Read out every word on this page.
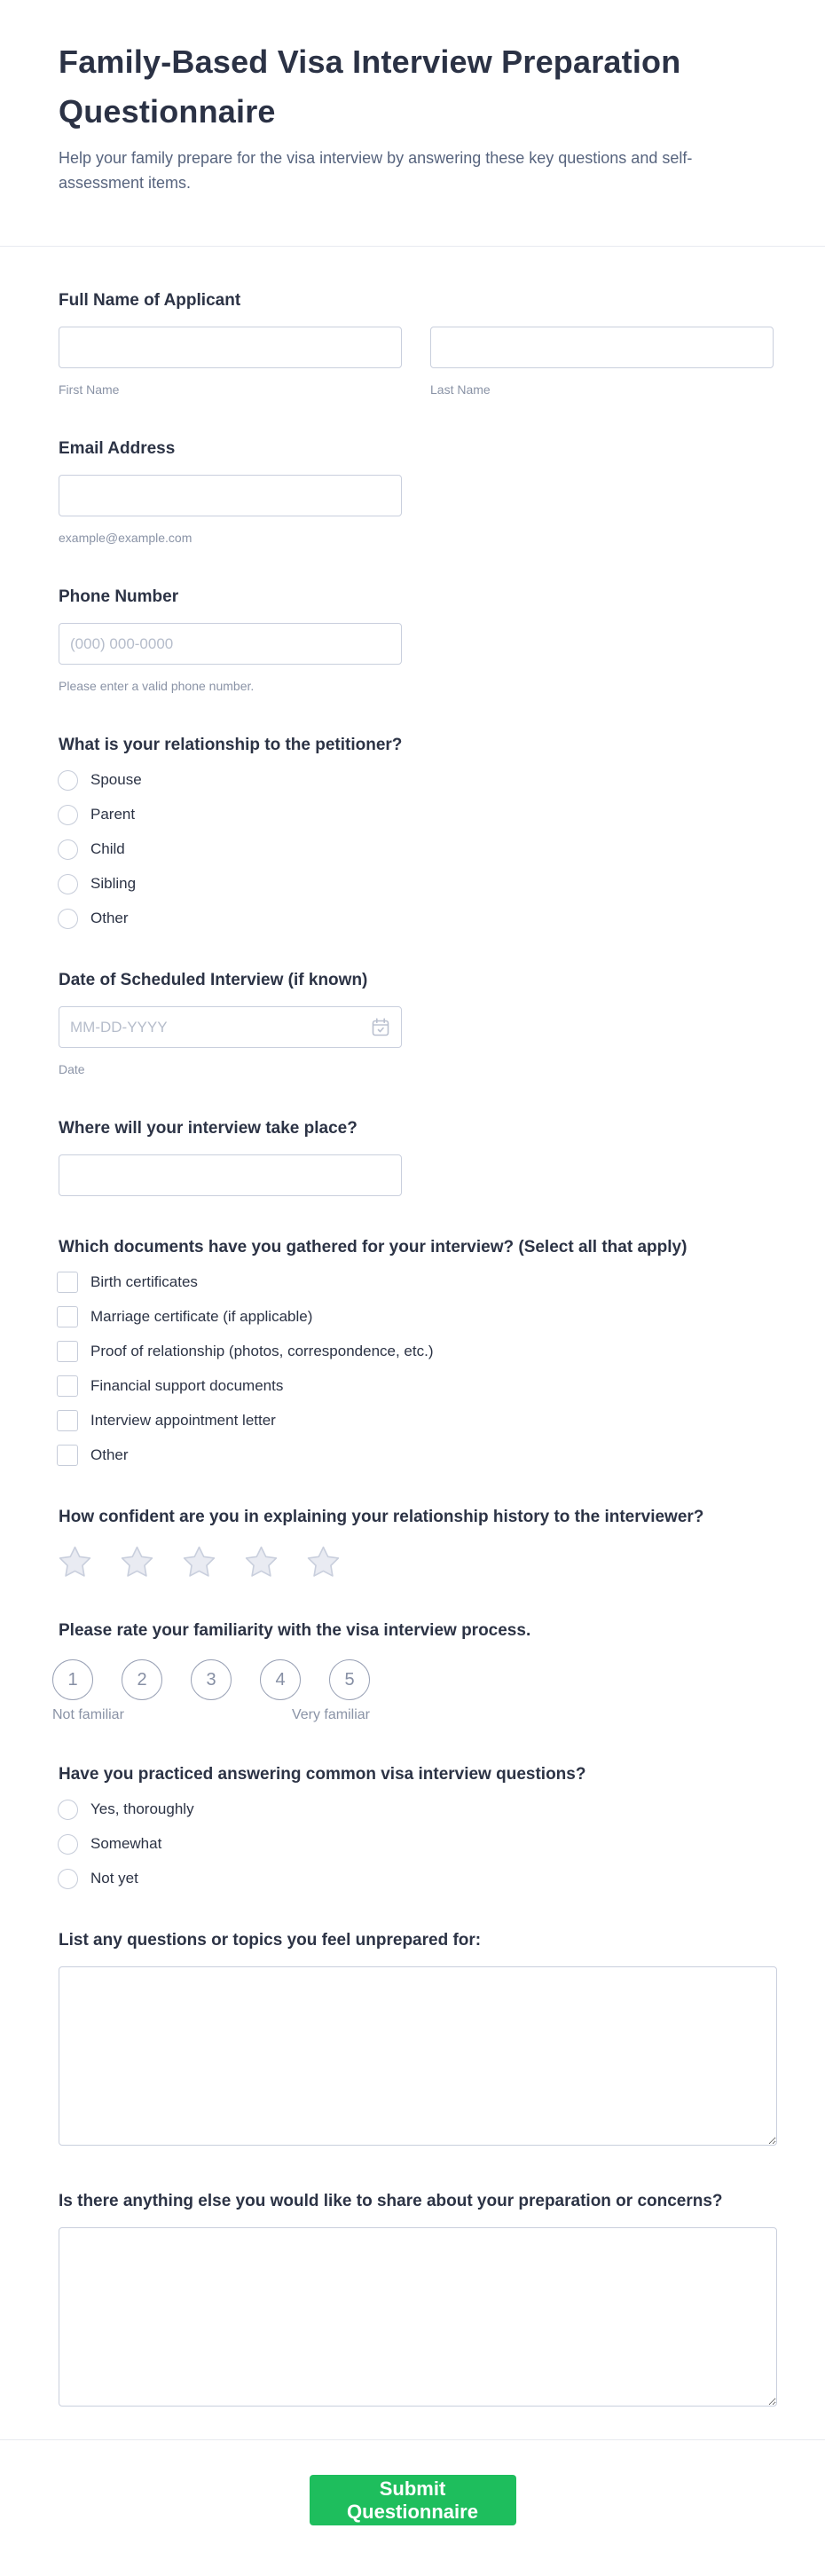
Family-Based Visa Interview Preparation Questionnaire
Help your family prepare for the visa interview by answering these key questions and self-assessment items.
Full Name of Applicant
First Name	Last Name
Email Address
example@example.com
Phone Number
(000) 000-0000
Please enter a valid phone number.
What is your relationship to the petitioner?
Spouse
Parent
Child
Sibling
Other
Date of Scheduled Interview (if known)
MM-DD-YYYY
Date
Where will your interview take place?
Which documents have you gathered for your interview? (Select all that apply)
Birth certificates
Marriage certificate (if applicable)
Proof of relationship (photos, correspondence, etc.)
Financial support documents
Interview appointment letter
Other
How confident are you in explaining your relationship history to the interviewer?
Please rate your familiarity with the visa interview process.
1	2	3	4	5
Not familiar	Very familiar
Have you practiced answering common visa interview questions?
Yes, thoroughly
Somewhat
Not yet
List any questions or topics you feel unprepared for:
Is there anything else you would like to share about your preparation or concerns?
Submit Questionnaire
